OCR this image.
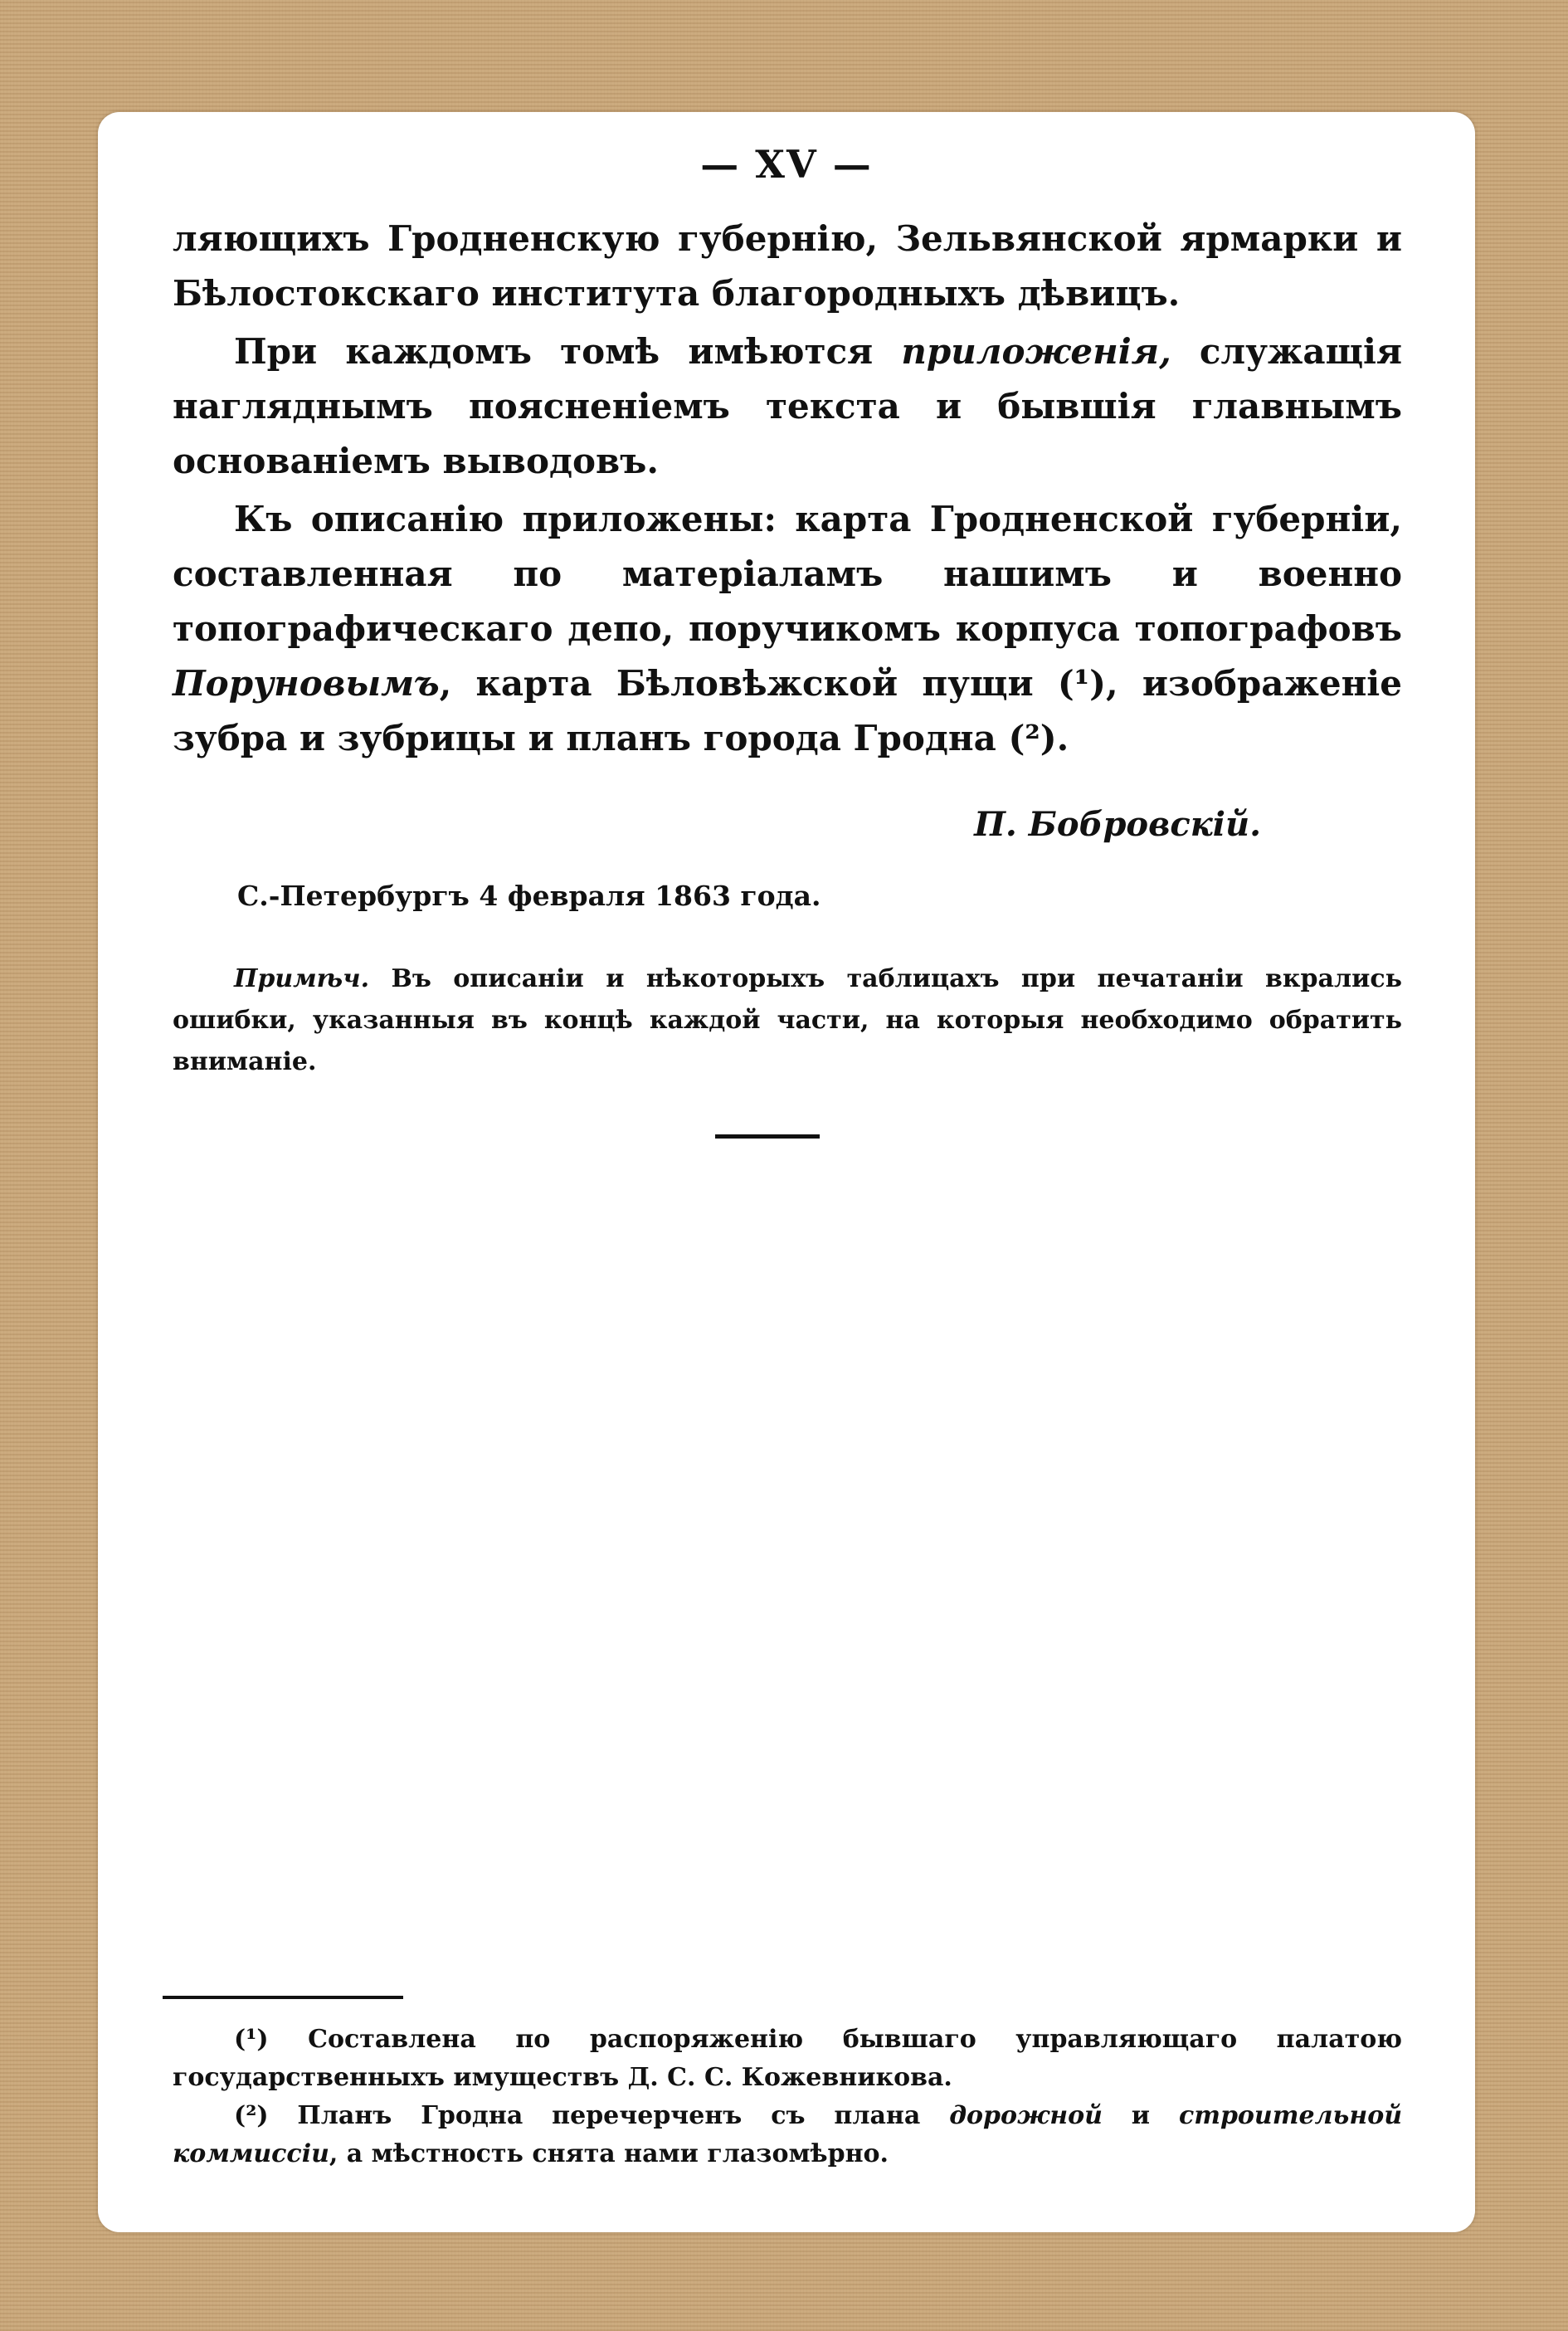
— XV —

ляющихъ Гродненскую губернію, Зельвянской ярмарки и Бѣлостокскаго института благородныхъ дѣвицъ.

При каждомъ томѣ имѣются приложенія, служащія нагляднымъ поясненіемъ текста и бывшія главнымъ основаніемъ выводовъ.

Къ описанію приложены: карта Гродненской губерніи, составленная по матеріаламъ нашимъ и военно топографическаго депо, поручикомъ корпуса топографовъ Поруновымъ, карта Бѣловѣжской пущи (¹), изображеніе зубра и зубрицы и планъ города Гродна (²).

П. Бобровскій.
С.-Петербургъ 4 февраля 1863 года.
Примѣч. Въ описаніи и нѣкоторыхъ таблицахъ при печатаніи вкрались ошибки, указанныя въ концѣ каждой части, на которыя необходимо обратить вниманіе.

(¹) Составлена по распоряженію бывшаго управляющаго палатою государственныхъ имуществъ Д. С. С. Кожевникова.

(²) Планъ Гродна перечерченъ съ плана дорожной и строительной коммиссіи, а мѣстность снята нами глазомѣрно.
